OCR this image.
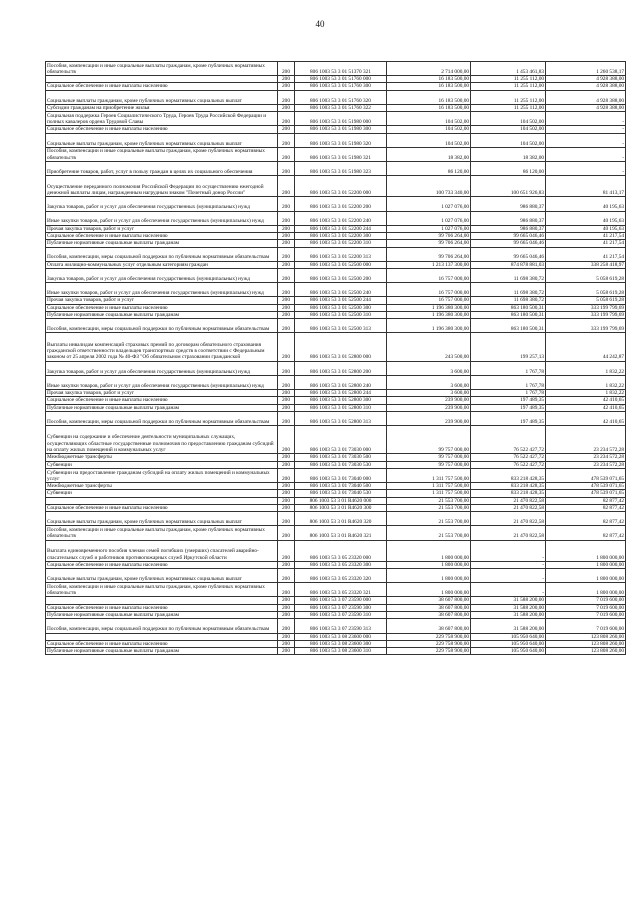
40
Пособия, компенсации и иные социальные выплаты гражданам, кроме публичных нормативных обязательств	200	806 1003 53 3 01 51370 321	2 714 000,00	1 453 461,83	1 260 538,17
	200	806 1003 53 3 01 51760 000	16 183 500,00	11 255 112,00	4 928 388,00
Социальное обеспечение и иные выплаты населению	200	806 1003 53 3 01 51760 300	16 183 500,00	11 255 112,00	4 928 388,00
Социальные выплаты гражданам, кроме публичных нормативных социальных выплат	200	806 1003 53 3 01 51760 320	16 183 500,00	11 255 112,00	4 928 388,00
Субсидии гражданам на приобретение жилья	200	806 1003 53 3 01 51760 322	16 183 500,00	11 255 112,00	4 928 388,00
Социальная поддержка Героев Социалистического Труда, Героев Труда Российской Федерации и полных кавалеров ордена Трудовой Славы	200	806 1003 53 3 01 51980 000	104 502,00	104 502,00	-
Социальное обеспечение и иные выплаты населению	200	806 1003 53 3 01 51980 300	104 502,00	104 502,00	-
Социальные выплаты гражданам, кроме публичных нормативных социальных выплат	200	806 1003 53 3 01 51980 320	104 502,00	104 502,00	-
Пособия, компенсации и иные социальные выплаты гражданам, кроме публичных нормативных обязательств	200	806 1003 53 3 01 51980 321	18 382,00	18 382,00	-
Приобретение товаров, работ, услуг в пользу граждан в целях их социального обеспечения	200	806 1003 53 3 01 51980 323	86 120,00	86 120,00	-
Осуществление переданного полномочия Российской Федерации по осуществлению ежегодной денежной выплаты лицам, награжденным нагрудным знаком "Почетный донор России"	200	806 1003 53 3 01 52200 000	100 733 340,00	100 651 926,83	81 413,17
Закупка товаров, работ и услуг для обеспечения государственных (муниципальных) нужд	200	806 1003 53 3 01 52200 200	1 027 076,00	986 880,37	40 195,63
Иные закупки товаров, работ и услуг для обеспечения государственных (муниципальных) нужд	200	806 1003 53 3 01 52200 240	1 027 076,00	986 880,37	40 195,63
Прочая закупка товаров, работ и услуг	200	806 1003 53 3 01 52200 244	1 027 076,00	986 880,37	40 195,63
Социальное обеспечение и иные выплаты населению	200	806 1003 53 3 01 52200 300	99 706 264,00	99 665 046,46	41 217,54
Публичные нормативные социальные выплаты гражданам	200	806 1003 53 3 01 52200 310	99 706 264,00	99 665 046,46	41 217,54
Пособия, компенсации, меры социальной поддержки по публичным нормативным обязательствам	200	806 1003 53 3 01 52200 313	99 706 264,00	99 665 046,46	41 217,54
Оплата жилищно-коммунальных услуг отдельным категориям граждан	200	806 1003 53 3 01 52500 000	1 213 137 300,00	874 878 881,03	338 258 418,97
Закупка товаров, работ и услуг для обеспечения государственных (муниципальных) нужд	200	806 1003 53 3 01 52500 200	16 757 000,00	11 698 380,72	5 058 619,28
Иные закупки товаров, работ и услуг для обеспечения государственных (муниципальных) нужд	200	806 1003 53 3 01 52500 240	16 757 000,00	11 698 380,72	5 058 619,28
Прочая закупка товаров, работ и услуг	200	806 1003 53 3 01 52500 244	16 757 000,00	11 698 380,72	5 058 619,28
Социальное обеспечение и иные выплаты населению	200	806 1003 53 3 01 52500 300	1 196 380 300,00	863 180 500,31	333 199 799,69
Публичные нормативные социальные выплаты гражданам	200	806 1003 53 3 01 52500 310	1 196 380 300,00	863 180 500,31	333 199 799,69
Пособия, компенсации, меры социальной поддержки по публичным нормативным обязательствам	200	806 1003 53 3 01 52500 313	1 196 380 300,00	863 180 500,31	333 199 799,69
Выплаты инвалидам компенсаций страховых премий по договорам обязательного страхования гражданской ответственности владельцев транспортных средств в соответствии с Федеральным законом от 25 апреля 2002 года № 40-ФЗ "Об обязательном страховании гражданской	200	806 1003 53 3 01 52800 000	243 500,00	199 257,13	44 242,87
Закупка товаров, работ и услуг для обеспечения государственных (муниципальных) нужд	200	806 1003 53 3 01 52800 200	3 600,00	1 767,78	1 832,22
Иные закупки товаров, работ и услуг для обеспечения государственных (муниципальных) нужд	200	806 1003 53 3 01 52800 240	3 600,00	1 767,78	1 832,22
Прочая закупка товаров, работ и услуг	200	806 1003 53 3 01 52800 244	3 600,00	1 767,78	1 832,22
Социальное обеспечение и иные выплаты населению	200	806 1003 53 3 01 52800 300	239 900,00	197 489,35	42 410,65
Публичные нормативные социальные выплаты гражданам	200	806 1003 53 3 01 52800 310	239 900,00	197 489,35	42 410,65
Пособия, компенсации, меры социальной поддержки по публичным нормативным обязательствам	200	806 1003 53 3 01 52800 313	239 900,00	197 489,35	42 410,65
Субвенции на содержание и обеспечение деятельности муниципальных служащих, осуществляющих областные государственные полномочия по предоставлению гражданам субсидий на оплату жилых помещений и коммунальных услуг	200	806 1003 53 3 01 73030 000	99 757 000,00	76 522 427,72	23 234 572,28
Межбюджетные трансферты	200	806 1003 53 3 01 73030 500	99 757 000,00	76 522 427,72	23 234 572,28
Субвенции	200	806 1003 53 3 01 73030 530	99 757 000,00	76 522 427,72	23 234 572,28
Субвенции на предоставление гражданам субсидий на оплату жилых помещений и коммунальных услуг	200	806 1003 53 3 01 73040 000	1 311 757 500,00	833 218 428,35	478 539 071,65
Межбюджетные трансферты	200	806 1003 53 3 01 73040 500	1 311 757 500,00	833 218 428,35	478 539 071,65
Субвенции	200	806 1003 53 3 01 73040 530	1 311 757 500,00	833 218 428,35	478 539 071,65
	200	806 1003 53 3 01 R4620 000	21 553 700,00	21 470 822,58	82 877,42
Социальное обеспечение и иные выплаты населению	200	806 1003 53 3 01 R4620 300	21 553 700,00	21 470 822,58	82 877,42
Социальные выплаты гражданам, кроме публичных нормативных социальных выплат	200	806 1003 53 3 01 R4620 320	21 553 700,00	21 470 822,58	82 877,42
Пособия, компенсации и иные социальные выплаты гражданам, кроме публичных нормативных обязательств	200	806 1003 53 3 01 R4620 321	21 553 700,00	21 470 822,58	82 877,42
Выплата единовременного пособия членам семей погибших (умерших) спасателей аварийно-спасательных служб и работников противопожарных служб Иркутской области	200	806 1003 53 3 05 23320 000	1 800 000,00	-	1 800 000,00
Социальное обеспечение и иные выплаты населению	200	806 1003 53 3 05 23320 300	1 800 000,00	-	1 800 000,00
Социальные выплаты гражданам, кроме публичных нормативных социальных выплат	200	806 1003 53 3 05 23320 320	1 800 000,00	-	1 800 000,00
Пособия, компенсации и иные социальные выплаты гражданам, кроме публичных нормативных обязательств	200	806 1003 53 3 05 23320 321	1 800 000,00	-	1 800 000,00
	200	806 1003 53 3 07 23590 000	38 607 800,00	31 588 200,00	7 019 600,00
Социальное обеспечение и иные выплаты населению	200	806 1003 53 3 07 23590 300	38 607 800,00	31 588 200,00	7 019 600,00
Публичные нормативные социальные выплаты гражданам	200	806 1003 53 3 07 23590 310	38 607 800,00	31 588 200,00	7 019 600,00
Пособия, компенсации, меры социальной поддержки по публичным нормативным обязательствам	200	806 1003 53 3 07 23590 313	38 607 800,00	31 588 200,00	7 019 600,00
	200	806 1003 53 3 08 23600 000	229 758 900,00	105 950 640,00	123 808 260,00
Социальное обеспечение и иные выплаты населению	200	806 1003 53 3 08 23600 300	229 758 900,00	105 950 640,00	123 808 260,00
Публичные нормативные социальные выплаты гражданам	200	806 1003 53 3 08 23600 310	229 758 900,00	105 950 640,00	123 808 260,00
